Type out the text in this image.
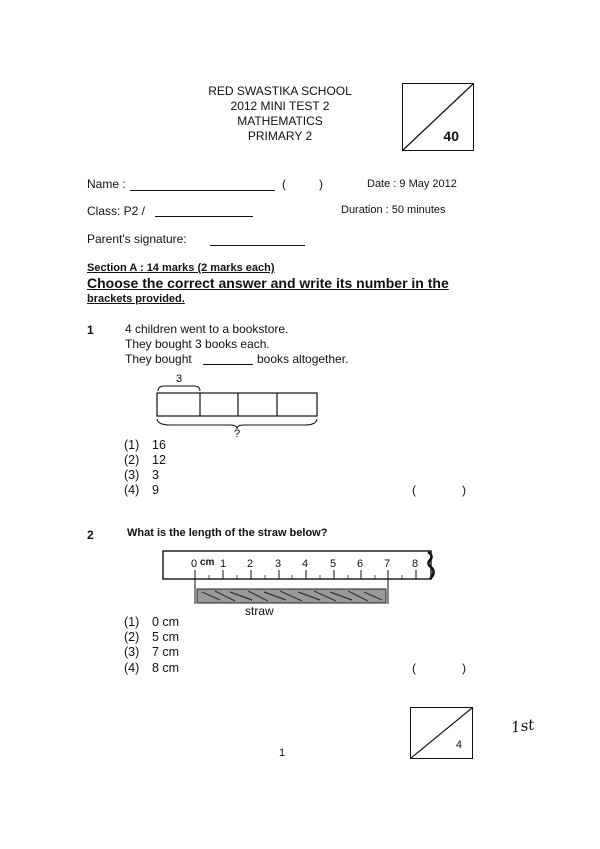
RED SWASTIKA SCHOOL
2012 MINI TEST 2
MATHEMATICS
PRIMARY 2	40
Name :	(	)	Date : 9 May 2012
Class: P2 /	Duration : 50 minutes
Parent's signature:
Section A : 14 marks (2 marks each)
Choose the correct answer and write its number in the
brackets provided.
1	4 children went to a bookstore.
They bought 3 books each.
They bought	books altogether.
3
?
(1) 16
(2) 12
(3) 3
(4) 9	(	)
2	What is the length of the straw below?
0 cm 1 2 3 4 5 6 7 8
straw
(1) 0 cm
(2) 5 cm
(3) 7 cm
(4) 8 cm	(	)
4
1st
1
